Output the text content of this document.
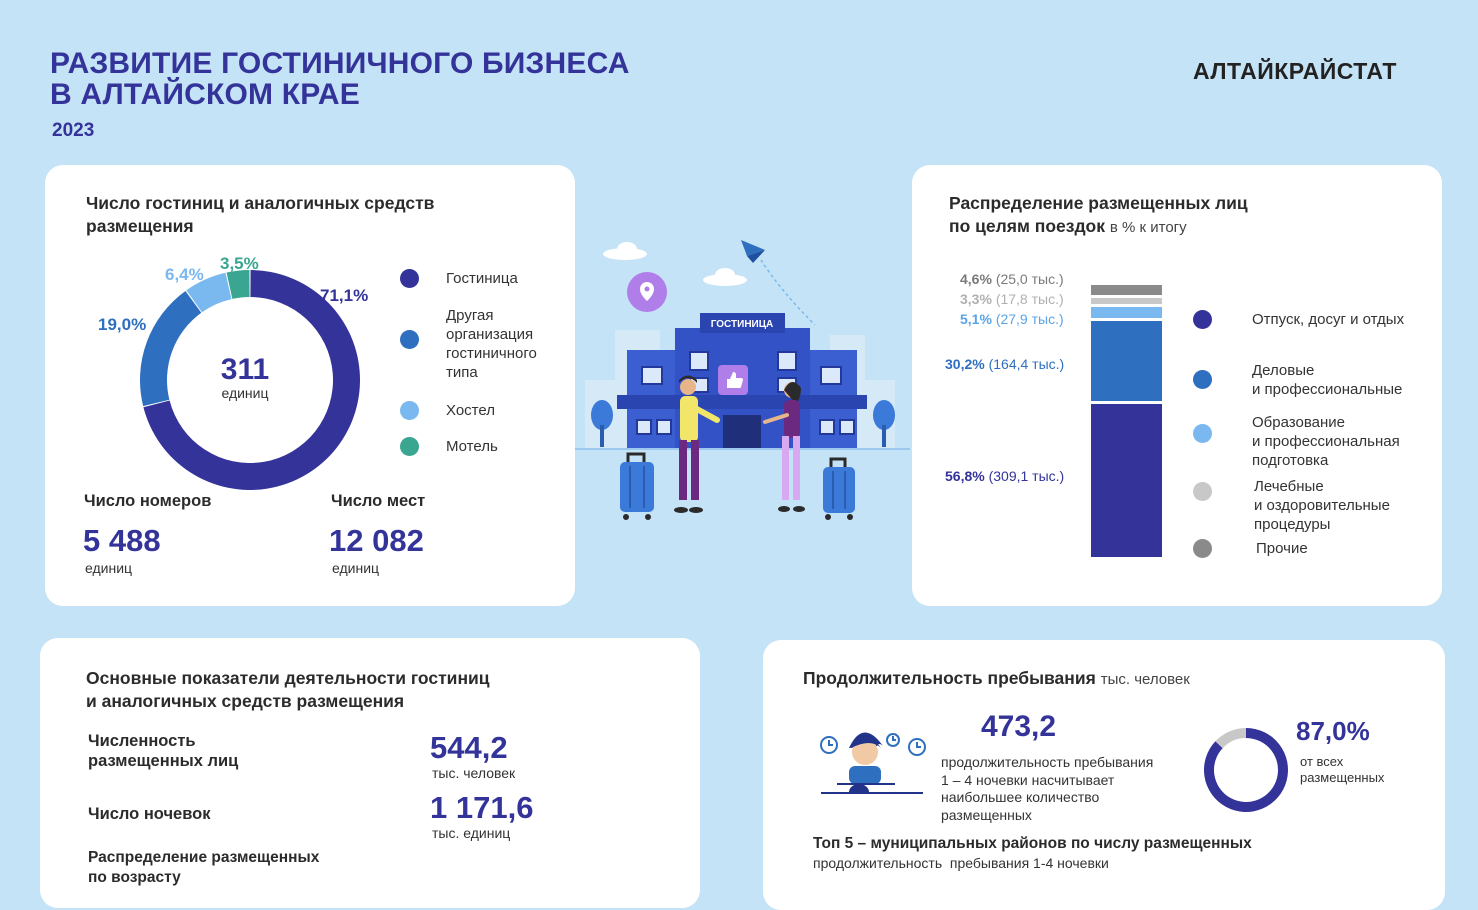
РАЗВИТИЕ ГОСТИНИЧНОГО БИЗНЕСА
В АЛТАЙСКОМ КРАЕ
2023
АЛТАЙКРАЙСТАТ
Число гостиниц и аналогичных средств
размещения
311
единиц
71,1%
19,0%
6,4%
3,5%
Гостиница
Другая организация гостиничного типа
Хостел
Мотель
Число номеров
5 488
единиц
Число мест
12 082
единиц
ГОСТИНИЦА
Распределение размещенных лиц
по целям поездок в % к итогу
4,6% (25,0 тыс.)
3,3% (17,8 тыс.)
5,1% (27,9 тыс.)
30,2% (164,4 тыс.)
56,8% (309,1 тыс.)
Отпуск, досуг и отдых
Деловые
и профессиональные
Образование
и профессиональная
подготовка
Лечебные
и оздоровительные
процедуры
Прочие
Основные показатели деятельности гостиниц
и аналогичных средств размещения
Численность
размещенных лиц	544,2
тыс. человек
Число ночевок	1 171,6
тыс. единиц
Распределение размещенных
по возрасту
Продолжительность пребывания тыс. человек
473,2
продолжительность пребывания
1 – 4 ночевки насчитывает
наибольшее количество
размещенных
87,0%
от всех
размещенных
Топ 5 – муниципальных районов по числу размещенных
продолжительность  пребывания 1-4 ночевки
